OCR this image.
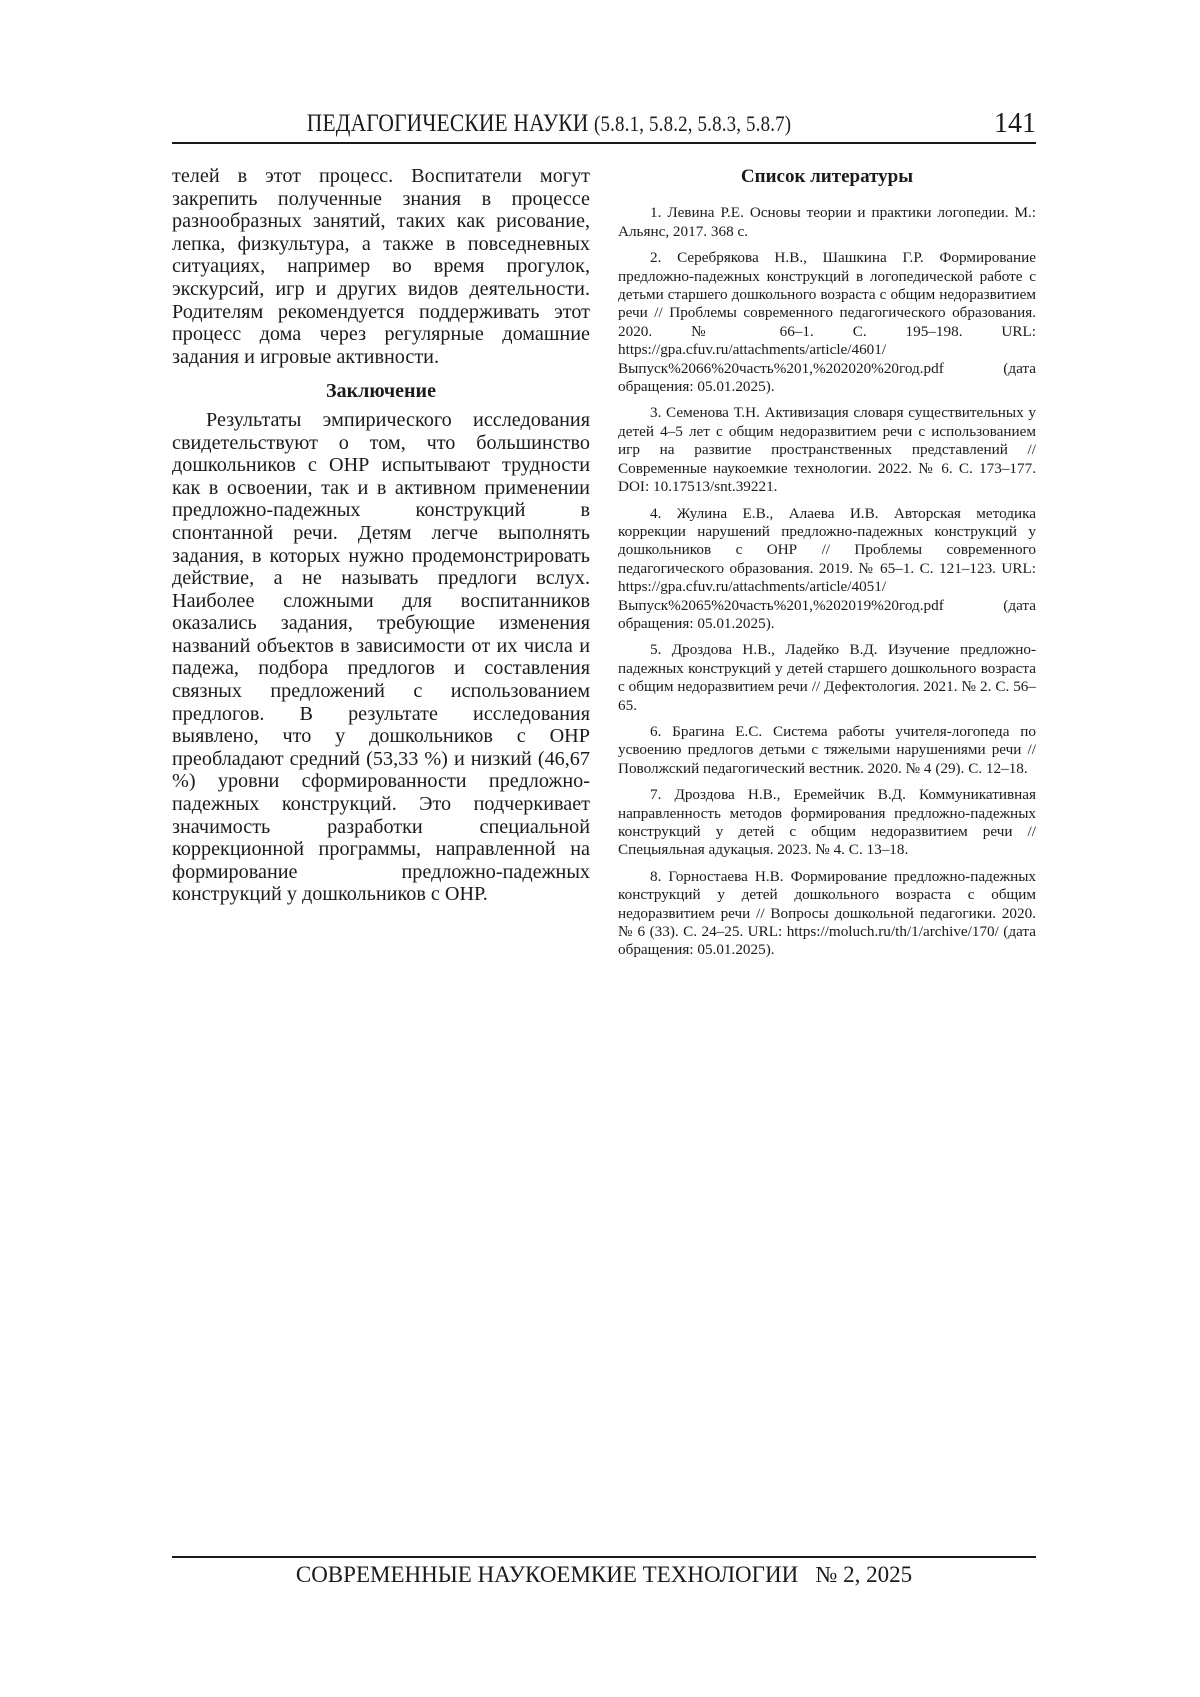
ПЕДАГОГИЧЕСКИЕ НАУКИ (5.8.1, 5.8.2, 5.8.3, 5.8.7)	141

телей в этот процесс. Воспитатели могут закрепить полученные знания в процессе разнообразных занятий, таких как рисование, лепка, физкультура, а также в повседневных ситуациях, например во время прогулок, экскурсий, игр и других видов деятельности. Родителям рекомендуется поддерживать этот процесс дома через регулярные домашние задания и игровые активности.

Заключение

Результаты эмпирического исследования свидетельствуют о том, что большинство дошкольников с ОНР испытывают трудности как в освоении, так и в активном применении предложно-падежных конструкций в спонтанной речи. Детям легче выполнять задания, в которых нужно продемонстрировать действие, а не называть предлоги вслух. Наиболее сложными для воспитанников оказались задания, требующие изменения названий объектов в зависимости от их числа и падежа, подбора предлогов и составления связных предложений с использованием предлогов. В результате исследования выявлено, что у дошкольников с ОНР преобладают средний (53,33 %) и низкий (46,67 %) уровни сформированности предложно-падежных конструкций. Это подчеркивает значимость разработки специальной коррекционной программы, направленной на формирование предложно-падежных конструкций у дошкольников с ОНР.

Список литературы

1. Левина Р.Е. Основы теории и практики логопедии. М.: Альянс, 2017. 368 с.

2. Серебрякова Н.В., Шашкина Г.Р. Формирование предложно-падежных конструкций в логопедической работе с детьми старшего дошкольного возраста с общим недоразвитием речи // Проблемы современного педагогического образования. 2020. № 66–1. С. 195–198. URL: https://gpa.cfuv.ru/attachments/article/4601/Выпуск%2066%20часть%201,%202020%20год.pdf (дата обращения: 05.01.2025).

3. Семенова Т.Н. Активизация словаря существительных у детей 4–5 лет с общим недоразвитием речи с использованием игр на развитие пространственных представлений // Современные наукоемкие технологии. 2022. № 6. С. 173–177. DOI: 10.17513/snt.39221.

4. Жулина Е.В., Алаева И.В. Авторская методика коррекции нарушений предложно-падежных конструкций у дошкольников с ОНР // Проблемы современного педагогического образования. 2019. № 65–1. С. 121–123. URL: https://gpa.cfuv.ru/attachments/article/4051/Выпуск%2065%20часть%201,%202019%20год.pdf (дата обращения: 05.01.2025).

5. Дроздова Н.В., Ладейко В.Д. Изучение предложно-падежных конструкций у детей старшего дошкольного возраста с общим недоразвитием речи // Дефектология. 2021. № 2. С. 56–65.

6. Брагина Е.С. Система работы учителя-логопеда по усвоению предлогов детьми с тяжелыми нарушениями речи // Поволжский педагогический вестник. 2020. № 4 (29). С. 12–18.

7. Дроздова Н.В., Еремейчик В.Д. Коммуникативная направленность методов формирования предложно-падежных конструкций у детей с общим недоразвитием речи // Спецыяльная адукацыя. 2023. № 4. С. 13–18.

8. Горностаева Н.В. Формирование предложно-падежных конструкций у детей дошкольного возраста с общим недоразвитием речи // Вопросы дошкольной педагогики. 2020. № 6 (33). С. 24–25. URL: https://moluch.ru/th/1/archive/170/ (дата обращения: 05.01.2025).

СОВРЕМЕННЫЕ НАУКОЕМКИЕ ТЕХНОЛОГИИ № 2, 2025
